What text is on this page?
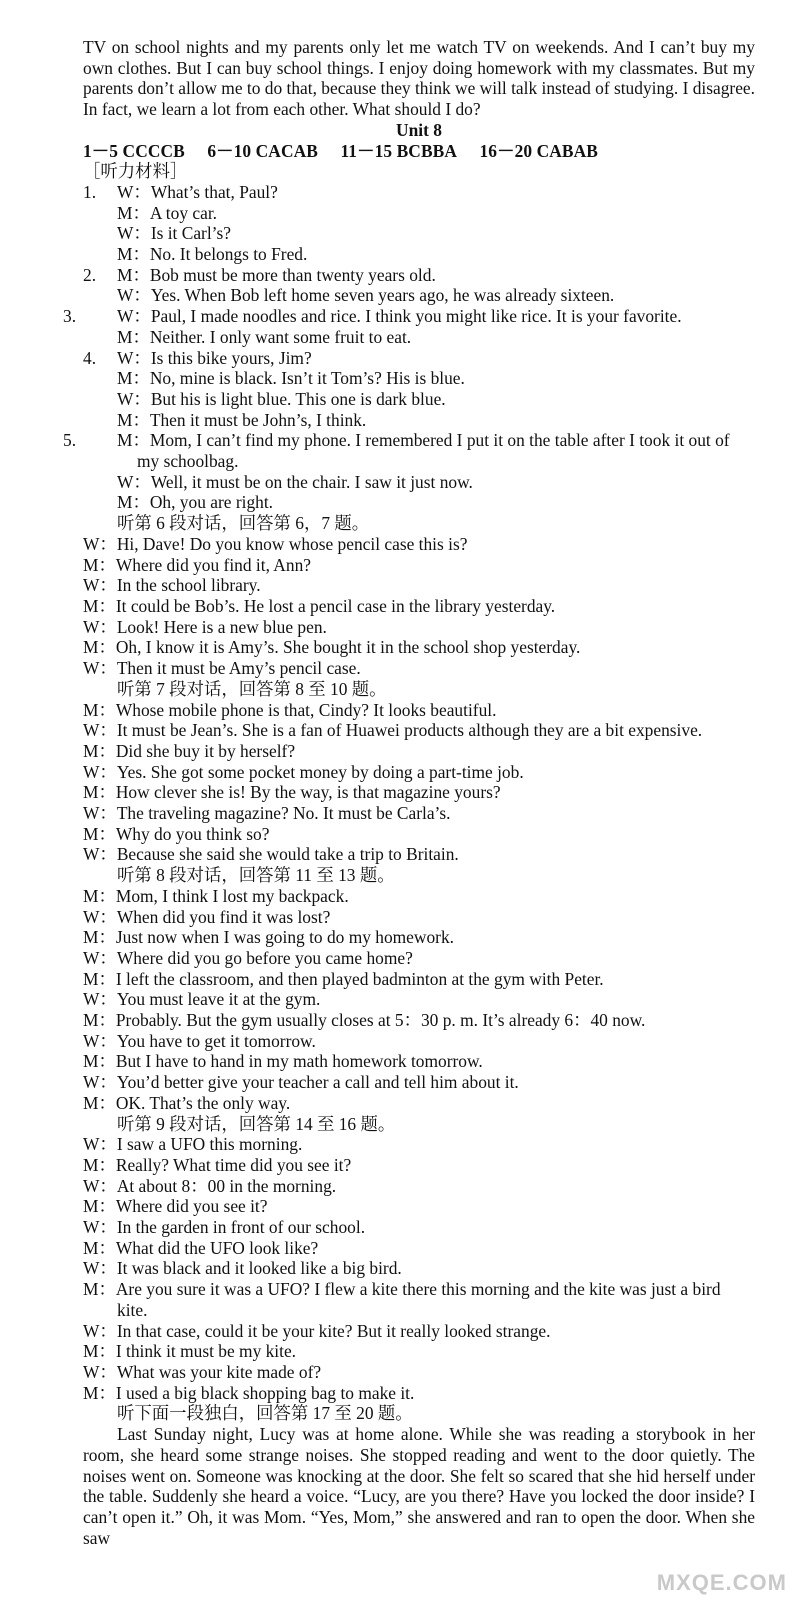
TV on school nights and my parents only let me watch TV on weekends. And I can’t buy my own clothes. But I can buy school things. I enjoy doing homework with my classmates. But my parents don’t allow me to do that, because they think we will talk instead of studying. I disagree. In fact, we learn a lot from each other. What should I do?

Unit 8

1－5 CCCCB 6－10 CACAB 11－15 BCBBA 16－20 CABAB

［听力材料］

1. W：What’s that, Paul?

M：A toy car.

W：Is it Carl’s?

M：No. It belongs to Fred.

2. M：Bob must be more than twenty years old.

W：Yes. When Bob left home seven years ago, he was already sixteen.

3.	W：Paul, I made noodles and rice. I think you might like rice. It is your favorite.

M：Neither. I only want some fruit to eat.

4. W：Is this bike yours, Jim?

M：No, mine is black. Isn’t it Tom’s? His is blue.

W：But his is light blue. This one is dark blue.

M：Then it must be John’s, I think.

5.	M：Mom, I can’t find my phone. I remembered I put it on the table after I took it out of my schoolbag.

W：Well, it must be on the chair. I saw it just now.

M：Oh, you are right.

听第 6 段对话，回答第 6，7 题。

W：Hi, Dave! Do you know whose pencil case this is?

M：Where did you find it, Ann?

W：In the school library.

M：It could be Bob’s. He lost a pencil case in the library yesterday.

W：Look! Here is a new blue pen.

M：Oh, I know it is Amy’s. She bought it in the school shop yesterday.

W：Then it must be Amy’s pencil case.

听第 7 段对话，回答第 8 至 10 题。

M：Whose mobile phone is that, Cindy? It looks beautiful.

W：It must be Jean’s. She is a fan of Huawei products although they are a bit expensive.

M：Did she buy it by herself?

W：Yes. She got some pocket money by doing a part-time job.

M：How clever she is! By the way, is that magazine yours?

W：The traveling magazine? No. It must be Carla’s.

M：Why do you think so?

W：Because she said she would take a trip to Britain.

听第 8 段对话，回答第 11 至 13 题。

M：Mom, I think I lost my backpack.

W：When did you find it was lost?

M：Just now when I was going to do my homework.

W：Where did you go before you came home?

M：I left the classroom, and then played badminton at the gym with Peter.

W：You must leave it at the gym.

M：Probably. But the gym usually closes at 5：30 p. m. It’s already 6：40 now.

W：You have to get it tomorrow.

M：But I have to hand in my math homework tomorrow.

W：You’d better give your teacher a call and tell him about it.

M：OK. That’s the only way.

听第 9 段对话，回答第 14 至 16 题。

W：I saw a UFO this morning.

M：Really? What time did you see it?

W：At about 8：00 in the morning.

M：Where did you see it?

W：In the garden in front of our school.

M：What did the UFO look like?

W：It was black and it looked like a big bird.

M：Are you sure it was a UFO? I flew a kite there this morning and the kite was just a bird kite.

W：In that case, could it be your kite? But it really looked strange.

M：I think it must be my kite.

W：What was your kite made of?

M：I used a big black shopping bag to make it.

听下面一段独白，回答第 17 至 20 题。

Last Sunday night, Lucy was at home alone. While she was reading a storybook in her room, she heard some strange noises. She stopped reading and went to the door quietly. The noises went on. Someone was knocking at the door. She felt so scared that she hid herself under the table. Suddenly she heard a voice. “Lucy, are you there? Have you locked the door inside? I can’t open it.” Oh, it was Mom. “Yes, Mom,” she answered and ran to open the door. When she saw

MXQE.COM
